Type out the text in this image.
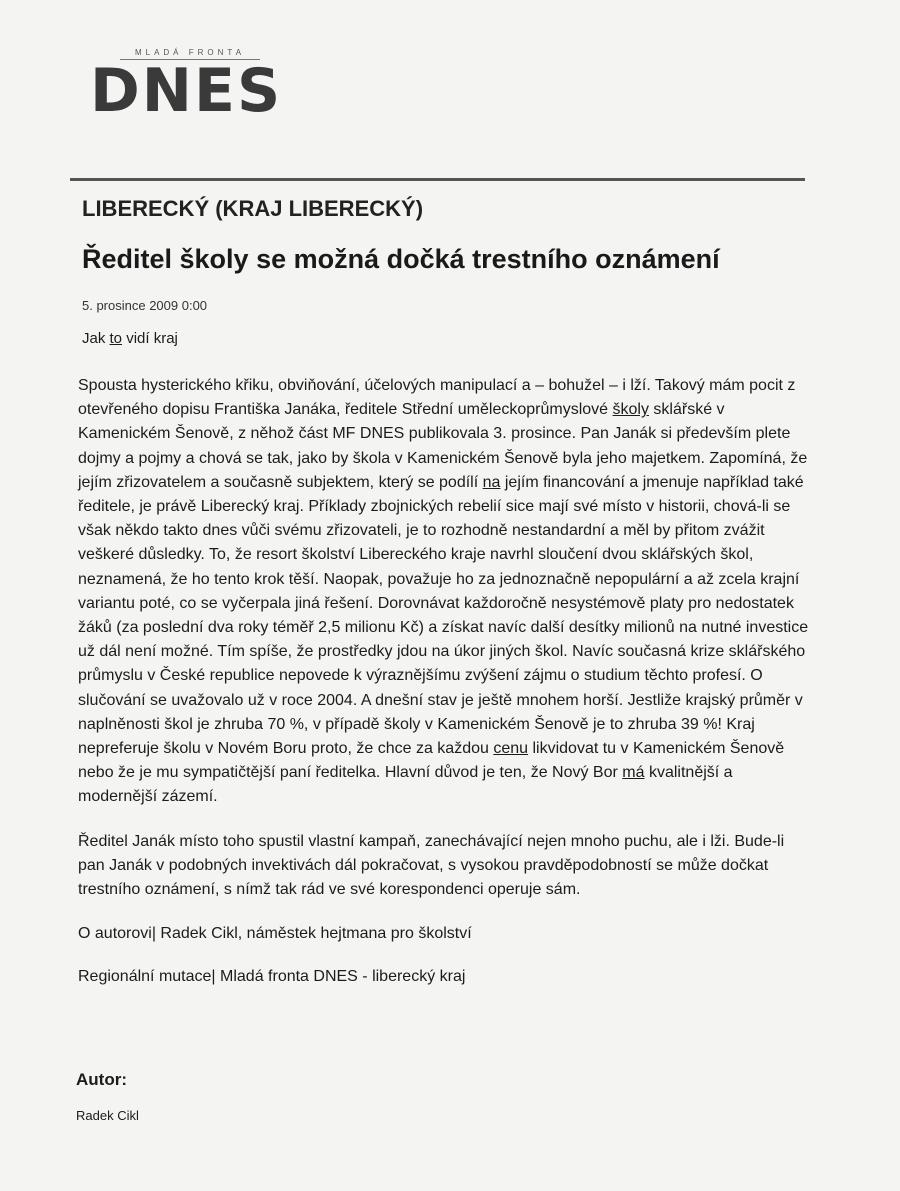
MLADÁ FRONTA
DNES
LIBERECKÝ (KRAJ LIBERECKÝ)
Ředitel školy se možná dočká trestního oznámení
5. prosince 2009 0:00
Jak to vidí kraj

Spousta hysterického křiku, obviňování, účelových manipulací a – bohužel – i lží. Takový mám pocit z otevřeného dopisu Františka Janáka, ředitele Střední uměleckoprůmyslové školy sklářské v Kamenickém Šenově, z něhož část MF DNES publikovala 3. prosince. Pan Janák si především plete dojmy a pojmy a chová se tak, jako by škola v Kamenickém Šenově byla jeho majetkem. Zapomíná, že jejím zřizovatelem a současně subjektem, který se podílí na jejím financování a jmenuje například také ředitele, je právě Liberecký kraj. Příklady zbojnických rebelií sice mají své místo v historii, chová-li se však někdo takto dnes vůči svému zřizovateli, je to rozhodně nestandardní a měl by přitom zvážit veškeré důsledky. To, že resort školství Libereckého kraje navrhl sloučení dvou sklářských škol, neznamená, že ho tento krok těší. Naopak, považuje ho za jednoznačně nepopulární a až zcela krajní variantu poté, co se vyčerpala jiná řešení. Dorovnávat každoročně nesystémově platy pro nedostatek žáků (za poslední dva roky téměř 2,5 milionu Kč) a získat navíc další desítky milionů na nutné investice už dál není možné. Tím spíše, že prostředky jdou na úkor jiných škol. Navíc současná krize sklářského průmyslu v České republice nepovede k výraznějšímu zvýšení zájmu o studium těchto profesí. O slučování se uvažovalo už v roce 2004. A dnešní stav je ještě mnohem horší. Jestliže krajský průměr v naplněnosti škol je zhruba 70 %, v případě školy v Kamenickém Šenově je to zhruba 39 %! Kraj nepreferuje školu v Novém Boru proto, že chce za každou cenu likvidovat tu v Kamenickém Šenově nebo že je mu sympatičtější paní ředitelka. Hlavní důvod je ten, že Nový Bor má kvalitnější a modernější zázemí.

Ředitel Janák místo toho spustil vlastní kampaň, zanechávající nejen mnoho puchu, ale i lži. Bude-li pan Janák v podobných invektivách dál pokračovat, s vysokou pravděpodobností se může dočkat trestního oznámení, s nímž tak rád ve své korespondenci operuje sám.

O autorovi| Radek Cikl, náměstek hejtmana pro školství

Regionální mutace| Mladá fronta DNES - liberecký kraj

Autor:
Radek Cikl
